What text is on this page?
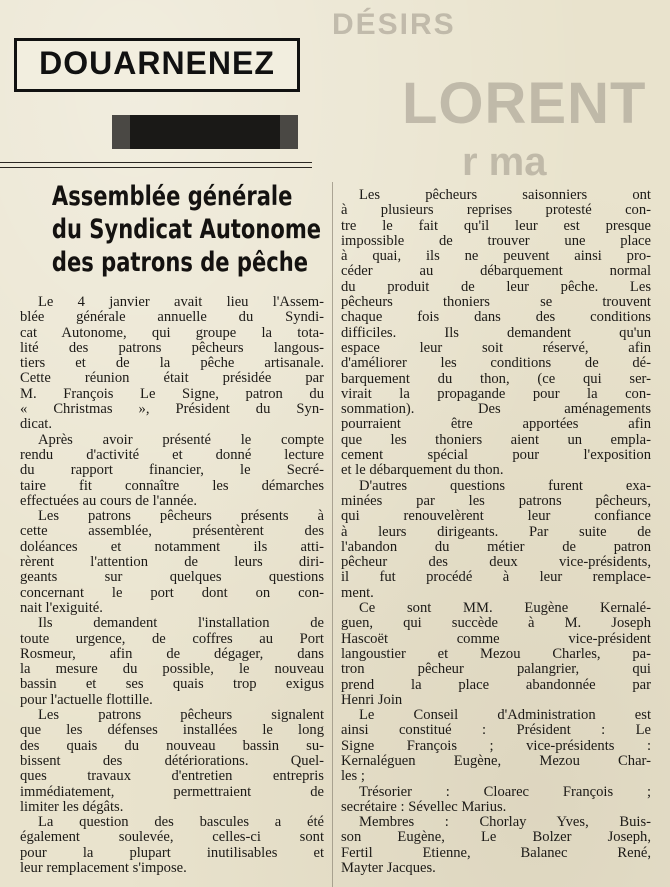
DÉSIRS
LORENT
r ma
DOUARNENEZ
Assemblée générale
du Syndicat Autonome
des patrons de pêche
Le 4 janvier avait lieu l'Assem-
blée générale annuelle du Syndi-
cat Autonome, qui groupe la tota-
lité des patrons pêcheurs langous-
tiers et de la pêche artisanale.
Cette réunion était présidée par
M. François Le Signe, patron du
« Christmas », Président du Syn-
dicat.
Après avoir présenté le compte
rendu d'activité et donné lecture
du rapport financier, le Secré-
taire fit connaître les démarches
effectuées au cours de l'année.
Les patrons pêcheurs présents à
cette assemblée, présentèrent des
doléances et notamment ils atti-
rèrent l'attention de leurs diri-
geants sur quelques questions
concernant le port dont on con-
nait l'exiguité.
Ils demandent l'installation de
toute urgence, de coffres au Port
Rosmeur, afin de dégager, dans
la mesure du possible, le nouveau
bassin et ses quais trop exigus
pour l'actuelle flottille.
Les patrons pêcheurs signalent
que les défenses installées le long
des quais du nouveau bassin su-
bissent des détériorations. Quel-
ques travaux d'entretien entrepris
immédiatement, permettraient de
limiter les dégâts.
La question des bascules a été
également soulevée, celles-ci sont
pour la plupart inutilisables et
leur remplacement s'impose.
Les pêcheurs saisonniers ont
à plusieurs reprises protesté con-
tre le fait qu'il leur est presque
impossible de trouver une place
à quai, ils ne peuvent ainsi pro-
céder au débarquement normal
du produit de leur pêche. Les
pêcheurs thoniers se trouvent
chaque fois dans des conditions
difficiles. Ils demandent qu'un
espace leur soit réservé, afin
d'améliorer les conditions de dé-
barquement du thon, (ce qui ser-
virait la propagande pour la con-
sommation). Des aménagements
pourraient être apportées afin
que les thoniers aient un empla-
cement spécial pour l'exposition
et le débarquement du thon.
D'autres questions furent exa-
minées par les patrons pêcheurs,
qui renouvelèrent leur confiance
à leurs dirigeants. Par suite de
l'abandon du métier de patron
pêcheur des deux vice-présidents,
il fut procédé à leur remplace-
ment.
Ce sont MM. Eugène Kernalé-
guen, qui succède à M. Joseph
Hascoët comme vice-président
langoustier et Mezou Charles, pa-
tron pêcheur palangrier, qui
prend la place abandonnée par
Henri Join
Le Conseil d'Administration est
ainsi constitué : Président : Le
Signe François ; vice-présidents :
Kernaléguen Eugène, Mezou Char-
les ;
Trésorier : Cloarec François ;
secrétaire : Sévellec Marius.
Membres : Chorlay Yves, Buis-
son Eugène, Le Bolzer Joseph,
Fertil Etienne, Balanec René,
Mayter Jacques.
